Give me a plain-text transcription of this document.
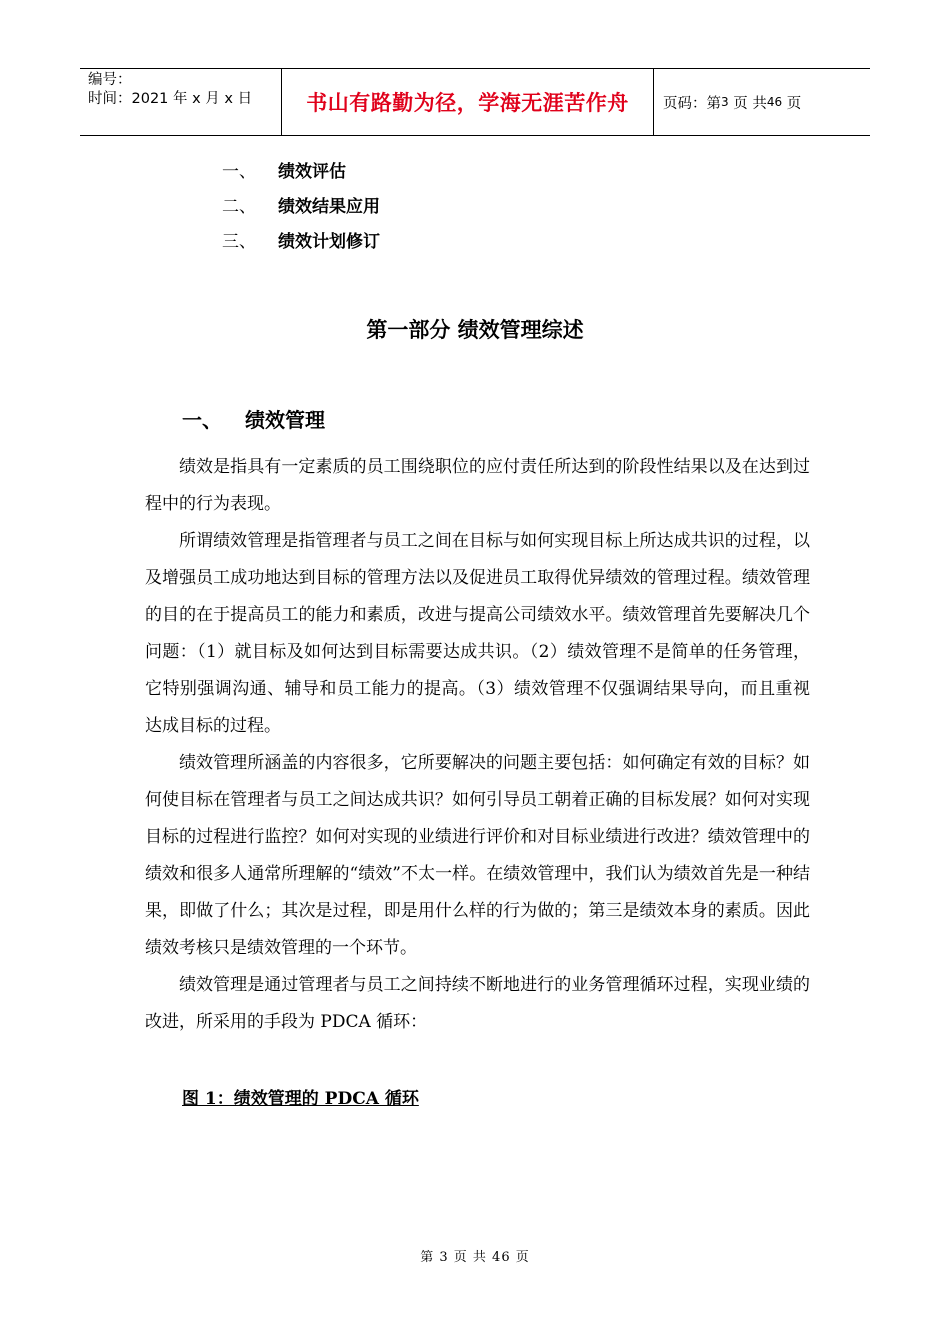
编号：
时间：2021 年 x 月 x 日	书山有路勤为径，学海无涯苦作舟	页码：第 3
页 共 46
页
一、	绩效评估
二、	绩效结果应用
三、	绩效计划修订
第一部分 绩效管理综述
一、	绩效管理

绩效是指具有一定素质的员工围绕职位的应付责任所达到的阶段性结果以及在达到过程中的行为表现。

所谓绩效管理是指管理者与员工之间在目标与如何实现目标上所达成共识的过程，以及增强员工成功地达到目标的管理方法以及促进员工取得优异绩效的管理过程。绩效管理的目的在于提高员工的能力和素质，改进与提高公司绩效水平。绩效管理首先要解决几个问题：（1）就目标及如何达到目标需要达成共识。（2）绩效管理不是简单的任务管理，它特别强调沟通、辅导和员工能力的提高。（3）绩效管理不仅强调结果导向，而且重视达成目标的过程。

绩效管理所涵盖的内容很多，它所要解决的问题主要包括：如何确定有效的目标？如何使目标在管理者与员工之间达成共识？如何引导员工朝着正确的目标发展？如何对实现目标的过程进行监控？如何对实现的业绩进行评价和对目标业绩进行改进？绩效管理中的绩效和很多人通常所理解的“绩效”不太一样。在绩效管理中，我们认为绩效首先是一种结果，即做了什么；其次是过程，即是用什么样的行为做的；第三是绩效本身的素质。因此绩效考核只是绩效管理的一个环节。

绩效管理是通过管理者与员工之间持续不断地进行的业务管理循环过程，实现业绩的改进，所采用的手段为 PDCA 循环：

图 1：绩效管理的 PDCA 循环
第 3 页 共 46 页
